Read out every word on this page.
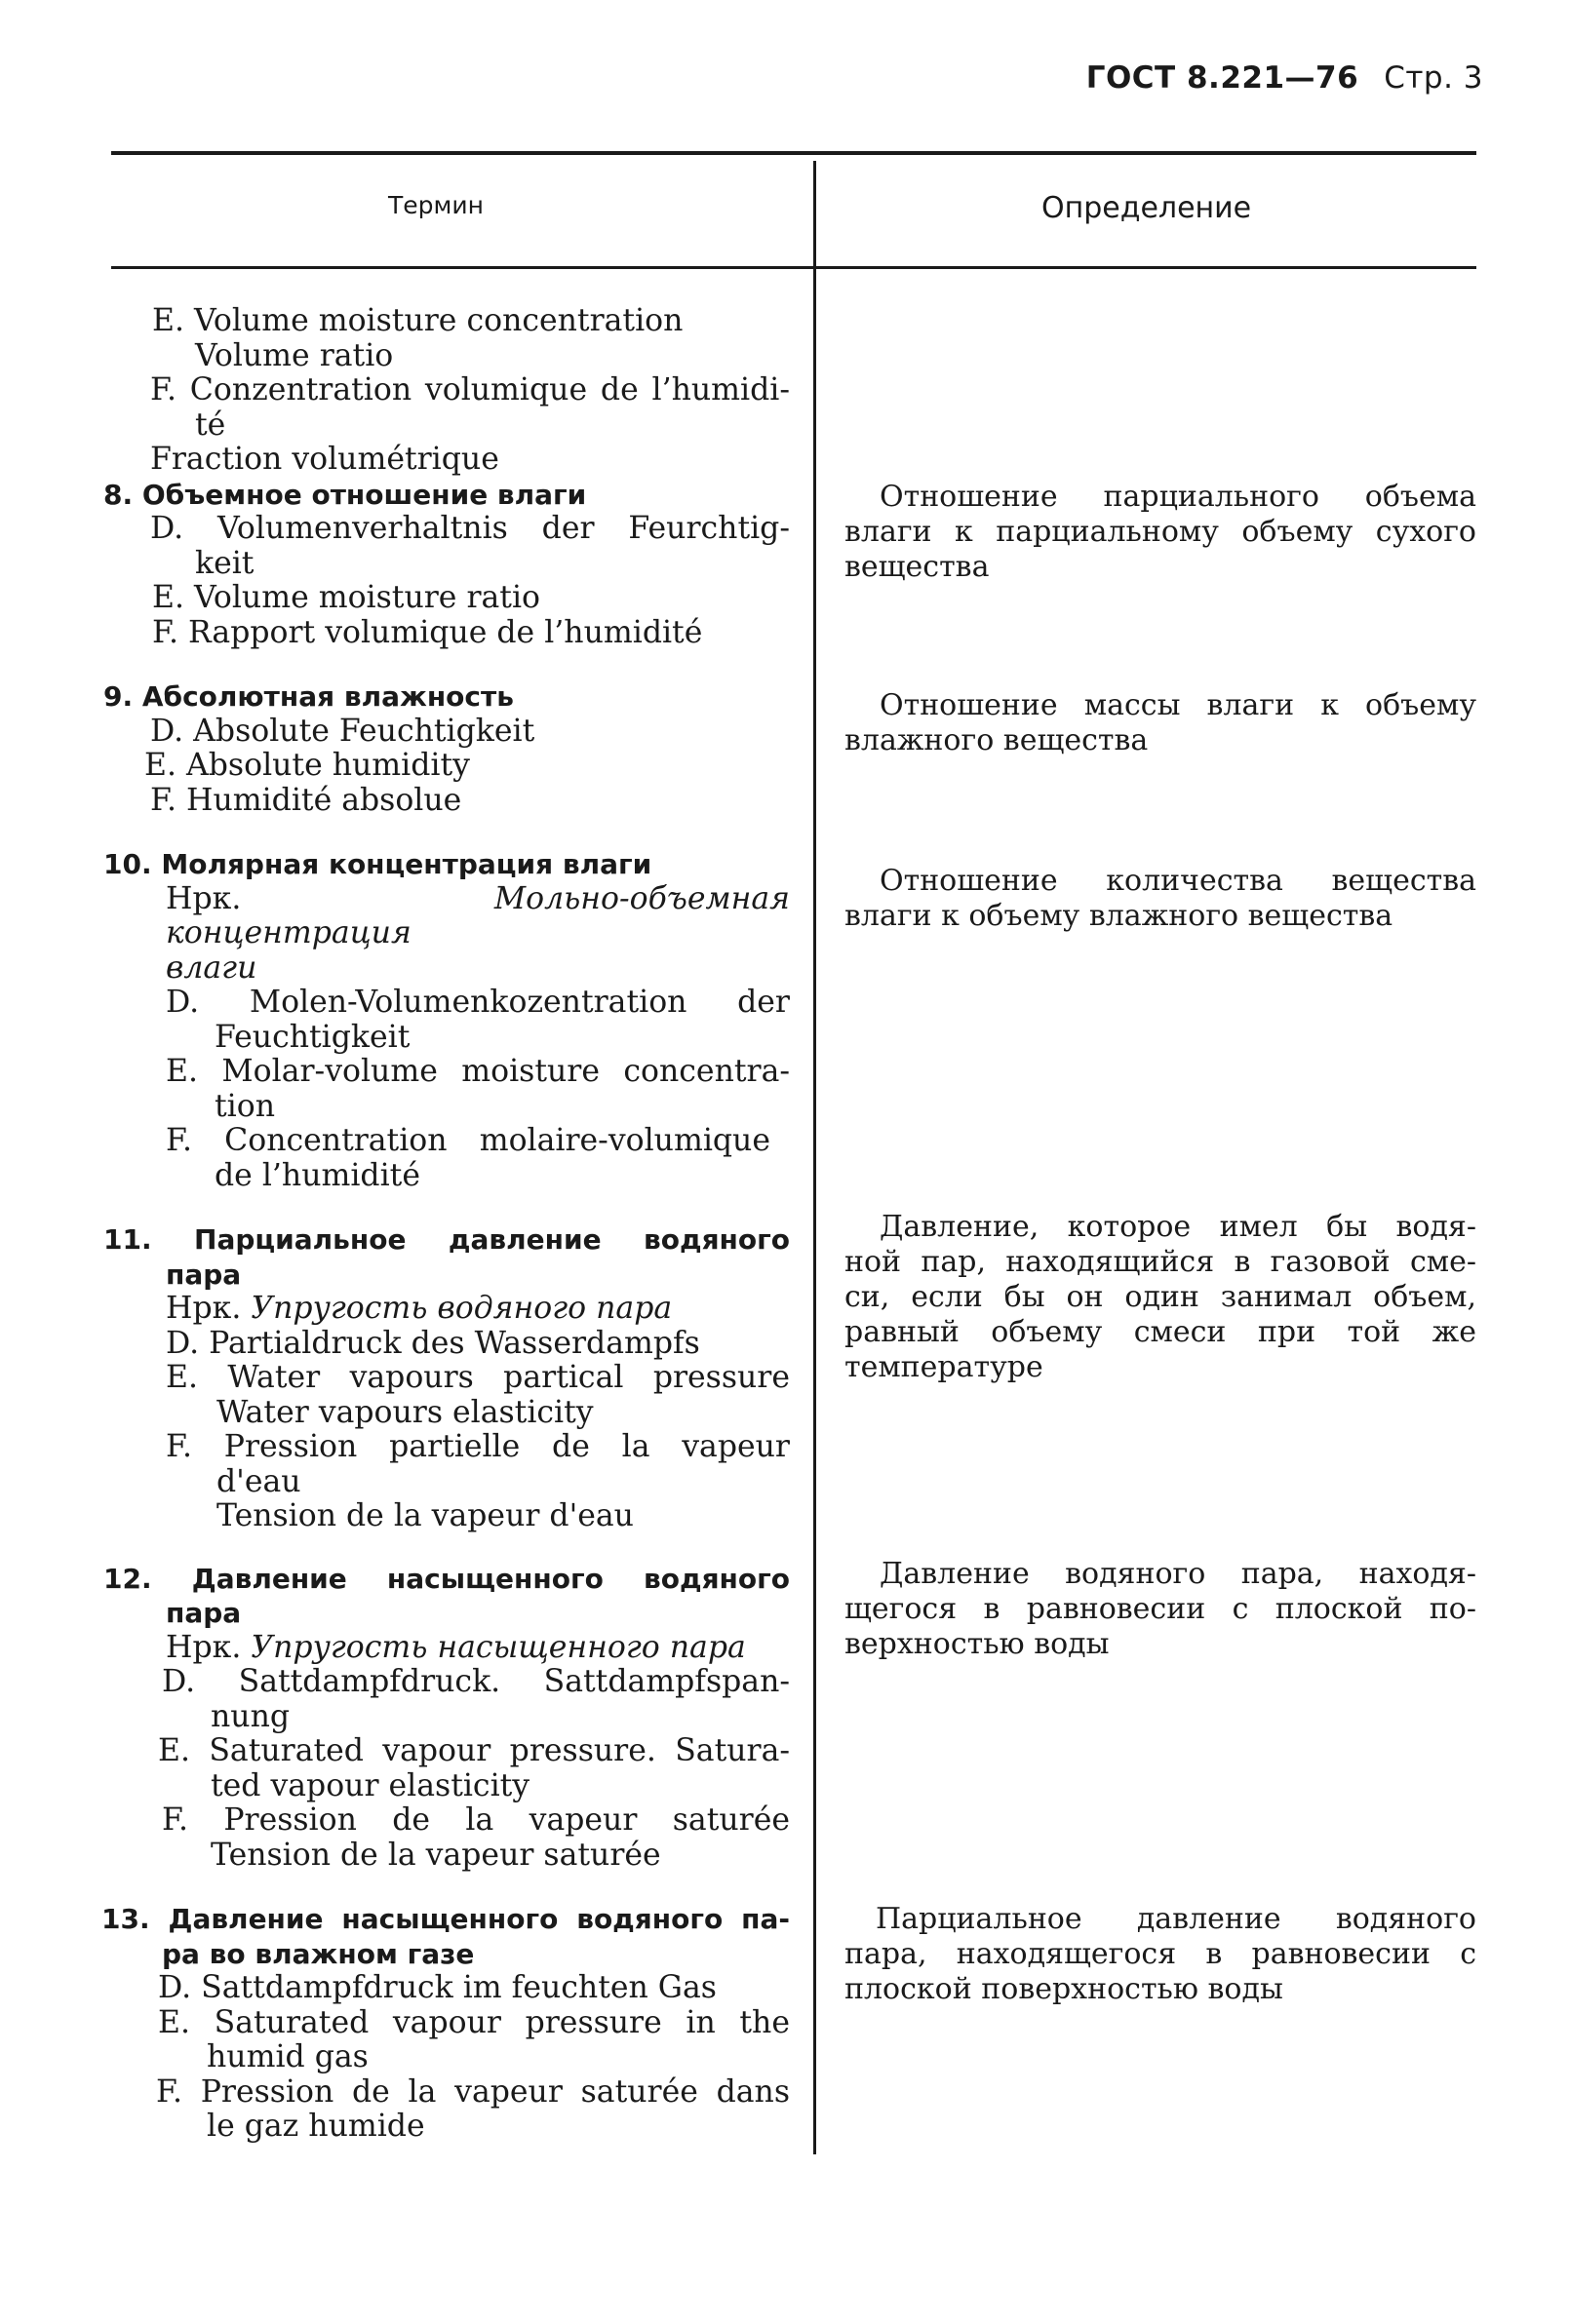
ГОСТ 8.221—76 Стр. 3
Термин	Определение
E. Volume moisture concentration
Volume ratio
F. Conzentration volumique de l’humidi-
té
Fraction volumétrique
8. Объемное отношение влаги
D. Volumenverhaltnis der Feurchtig-
keit
E. Volume moisture ratio
F. Rapport volumique de l’humidité
9. Абсолютная влажность
D. Absolute Feuchtigkeit
E. Absolute humidity
F. Humidité absolue
10. Молярная концентрация влаги
Нрк.	Мольно-объемная концентрация
влаги
D. Molen-Volumenkozentration der
Feuchtigkeit
E. Molar-volume moisture concentra-
tion
F. Concentration molaire-volumique
de l’humidité
11. Парциальное давление водяного
пара
Нрк. Упругость водяного пара
D. Partialdruck des Wasserdampfs
E. Water vapours partical pressure
Water vapours elasticity
F. Pression partielle de la vapeur
d'eau
Tension de la vapeur d'eau
12. Давление насыщенного водяного
пара
Нрк. Упругость насыщенного пара
D. Sattdampfdruck. Sattdampfspan-
nung
E. Saturated vapour pressure. Satura-
ted vapour elasticity
F. Pression de la vapeur saturée
Tension de la vapeur saturée
13. Давление насыщенного водяного па-
ра во влажном газе
D. Sattdampfdruck im feuchten Gas
E. Saturated vapour pressure in the
humid gas
F. Pression de la vapeur saturée dans
le gaz humide
Отношение парциального объема
влаги к парциальному объему сухого
вещества
Отношение массы влаги к объему
влажного вещества
Отношение количества вещества
влаги к объему влажного вещества
Давление, которое имел бы водя-
ной пар, находящийся в газовой сме-
си, если бы он один занимал объем,
равный объему смеси при той же
температуре
Давление водяного пара, находя-
щегося в равновесии с плоской по-
верхностью воды
Парциальное давление водяного
пара, находящегося в равновесии с
плоской поверхностью воды
